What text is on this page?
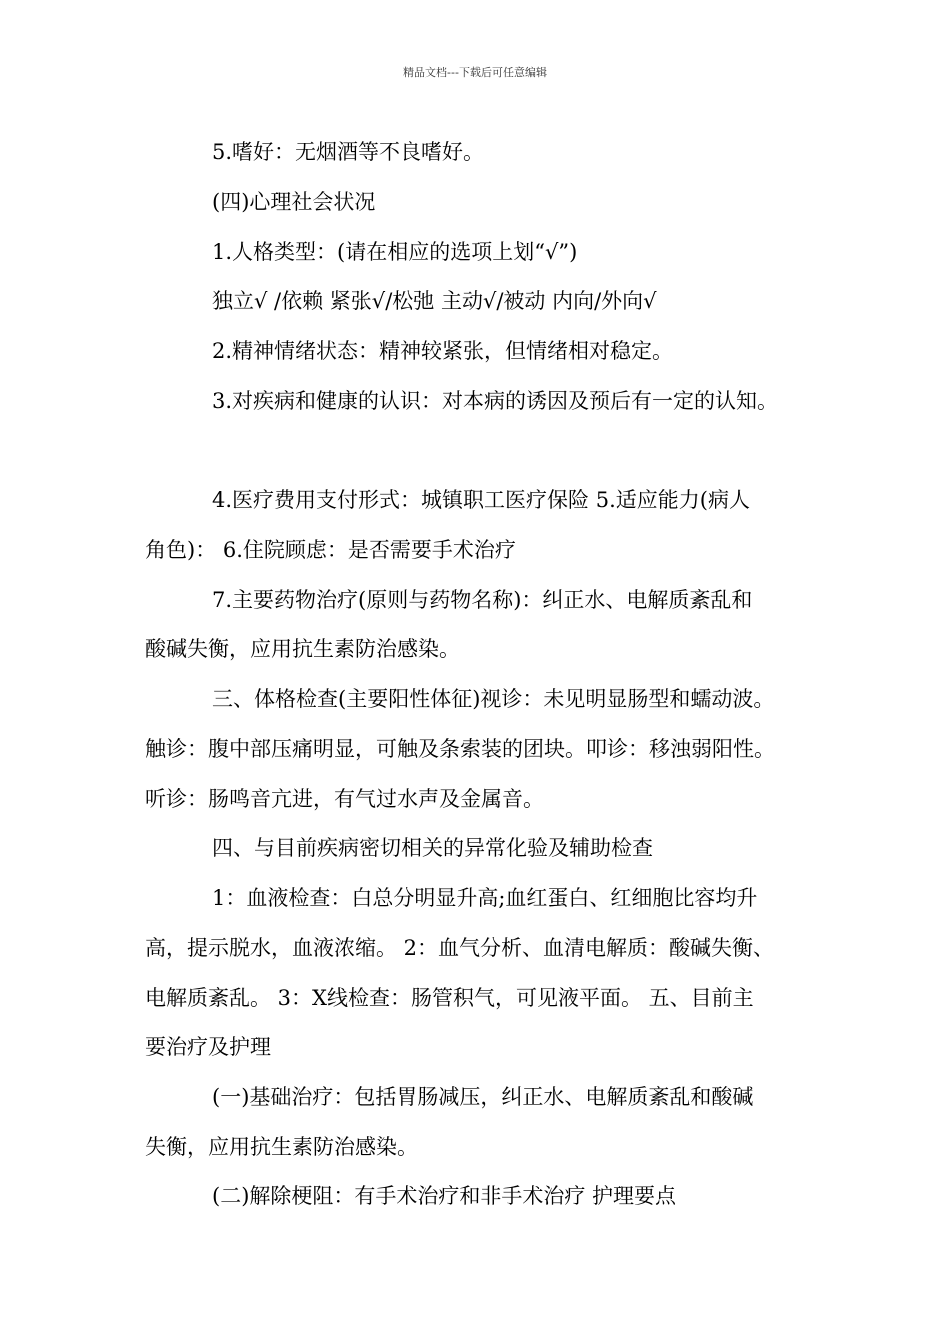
精品文档---下载后可任意编辑
5.嗜好：无烟酒等不良嗜好。
(四)心理社会状况
1.人格类型：(请在相应的选项上划“√”)
独立√ /依赖 紧张√/松弛 主动√/被动 内向/外向√
2.精神情绪状态：精神较紧张，但情绪相对稳定。
3.对疾病和健康的认识：对本病的诱因及预后有一定的认知。
4.医疗费用支付形式：城镇职工医疗保险 5.适应能力(病人
角色)： 6.住院顾虑：是否需要手术治疗
7.主要药物治疗(原则与药物名称)：纠正水、电解质紊乱和
酸碱失衡，应用抗生素防治感染。
三、体格检查(主要阳性体征)视诊：未见明显肠型和蠕动波。
触诊：腹中部压痛明显，可触及条索装的团块。叩诊：移浊弱阳性。
听诊：肠鸣音亢进，有气过水声及金属音。
四、与目前疾病密切相关的异常化验及辅助检查
1：血液检查：白总分明显升高;血红蛋白、红细胞比容均升
高，提示脱水，血液浓缩。 2：血气分析、血清电解质：酸碱失衡、
电解质紊乱。 3：X线检查：肠管积气，可见液平面。 五、目前主
要治疗及护理
(一)基础治疗：包括胃肠减压，纠正水、电解质紊乱和酸碱
失衡，应用抗生素防治感染。
(二)解除梗阻：有手术治疗和非手术治疗 护理要点
